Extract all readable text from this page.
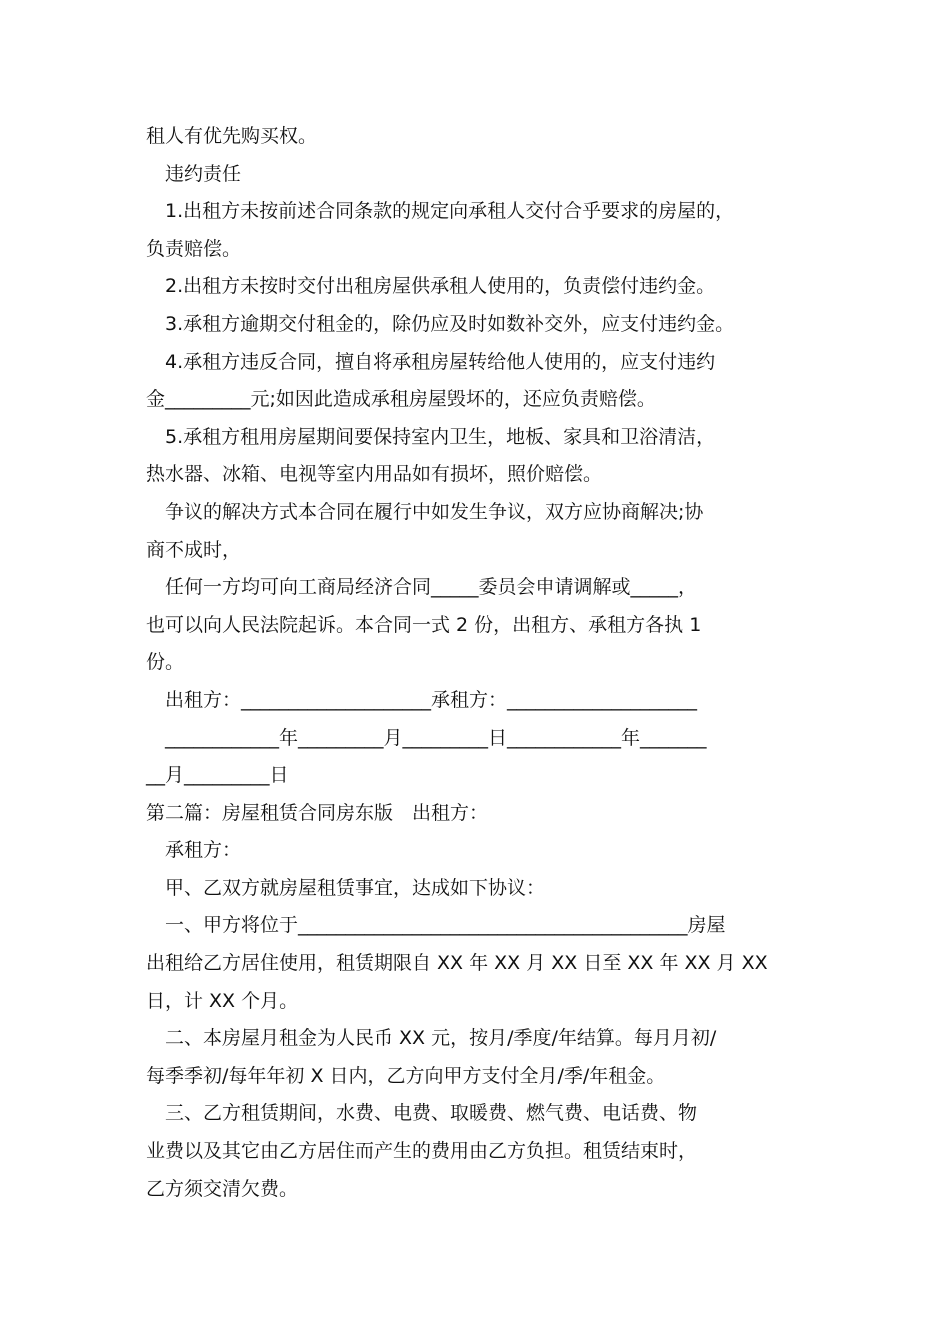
租人有优先购买权。
违约责任
1.出租方未按前述合同条款的规定向承租人交付合乎要求的房屋的，
负责赔偿。
2.出租方未按时交付出租房屋供承租人使用的，负责偿付违约金。
3.承租方逾期交付租金的，除仍应及时如数补交外，应支付违约金。
4.承租方违反合同，擅自将承租房屋转给他人使用的，应支付违约
金_________元;如因此造成承租房屋毁坏的，还应负责赔偿。
5.承租方租用房屋期间要保持室内卫生，地板、家具和卫浴清洁，
热水器、冰箱、电视等室内用品如有损坏，照价赔偿。
争议的解决方式本合同在履行中如发生争议，双方应协商解决;协
商不成时，
任何一方均可向工商局经济合同_____委员会申请调解或_____，
也可以向人民法院起诉。本合同一式 2 份，出租方、承租方各执 1
份。
出租方：____________________承租方：____________________
____________年_________月_________日____________年_______
__月_________日
第二篇：房屋租赁合同房东版　出租方：
承租方：
甲、乙双方就房屋租赁事宜，达成如下协议：
一、甲方将位于_________________________________________房屋
出租给乙方居住使用，租赁期限自 XX 年 XX 月 XX 日至 XX 年 XX 月 XX
日，计 XX 个月。
二、本房屋月租金为人民币 XX 元，按月/季度/年结算。每月月初/
每季季初/每年年初 X 日内，乙方向甲方支付全月/季/年租金。
三、乙方租赁期间，水费、电费、取暖费、燃气费、电话费、物
业费以及其它由乙方居住而产生的费用由乙方负担。租赁结束时，
乙方须交清欠费。
